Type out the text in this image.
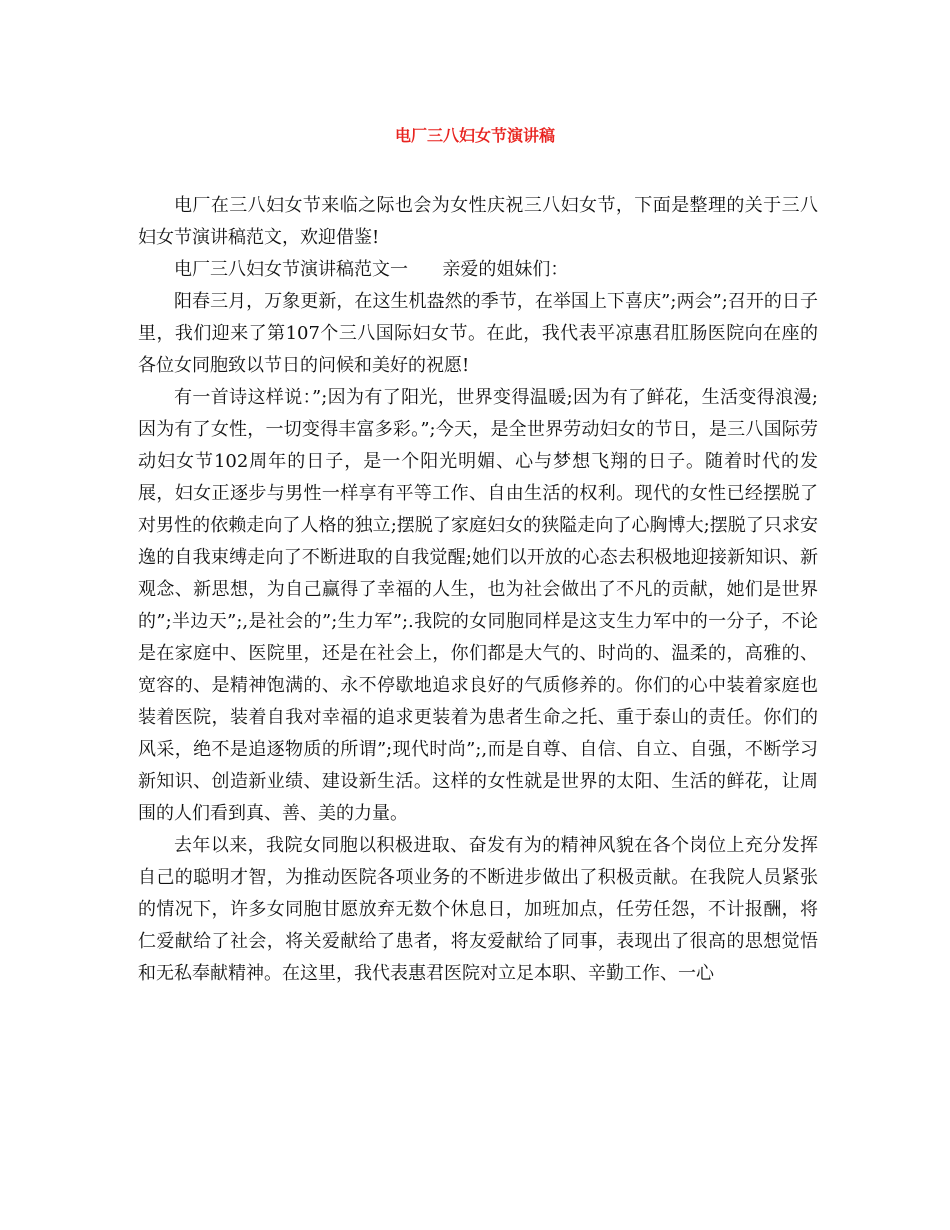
电厂三八妇女节演讲稿

电厂在三八妇女节来临之际也会为女性庆祝三八妇女节，下面是整理的关于三八妇女节演讲稿范文，欢迎借鉴!

电厂三八妇女节演讲稿范文一      亲爱的姐妹们：

阳春三月，万象更新，在这生机盎然的季节，在举国上下喜庆”;两会”;召开的日子里，我们迎来了第107个三八国际妇女节。在此，我代表平凉惠君肛肠医院向在座的各位女同胞致以节日的问候和美好的祝愿!

有一首诗这样说：”;因为有了阳光，世界变得温暖;因为有了鲜花，生活变得浪漫;因为有了女性，一切变得丰富多彩。”;今天，是全世界劳动妇女的节日，是三八国际劳动妇女节102周年的日子，是一个阳光明媚、心与梦想飞翔的日子。随着时代的发展，妇女正逐步与男性一样享有平等工作、自由生活的权利。现代的女性已经摆脱了对男性的依赖走向了人格的独立;摆脱了家庭妇女的狭隘走向了心胸博大;摆脱了只求安逸的自我束缚走向了不断进取的自我觉醒;她们以开放的心态去积极地迎接新知识、新观念、新思想，为自己赢得了幸福的人生，也为社会做出了不凡的贡献，她们是世界的”;半边天”;,是社会的”;生力军”;.我院的女同胞同样是这支生力军中的一分子，不论是在家庭中、医院里，还是在社会上，你们都是大气的、时尚的、温柔的，高雅的、宽容的、是精神饱满的、永不停歇地追求良好的气质修养的。你们的心中装着家庭也装着医院，装着自我对幸福的追求更装着为患者生命之托、重于泰山的责任。你们的风采，绝不是追逐物质的所谓”;现代时尚”;,而是自尊、自信、自立、自强，不断学习新知识、创造新业绩、建设新生活。这样的女性就是世界的太阳、生活的鲜花，让周围的人们看到真、善、美的力量。

去年以来，我院女同胞以积极进取、奋发有为的精神风貌在各个岗位上充分发挥自己的聪明才智，为推动医院各项业务的不断进步做出了积极贡献。在我院人员紧张的情况下，许多女同胞甘愿放弃无数个休息日，加班加点，任劳任怨，不计报酬，将仁爱献给了社会，将关爱献给了患者，将友爱献给了同事，表现出了很高的思想觉悟和无私奉献精神。在这里，我代表惠君医院对立足本职、辛勤工作、一心
